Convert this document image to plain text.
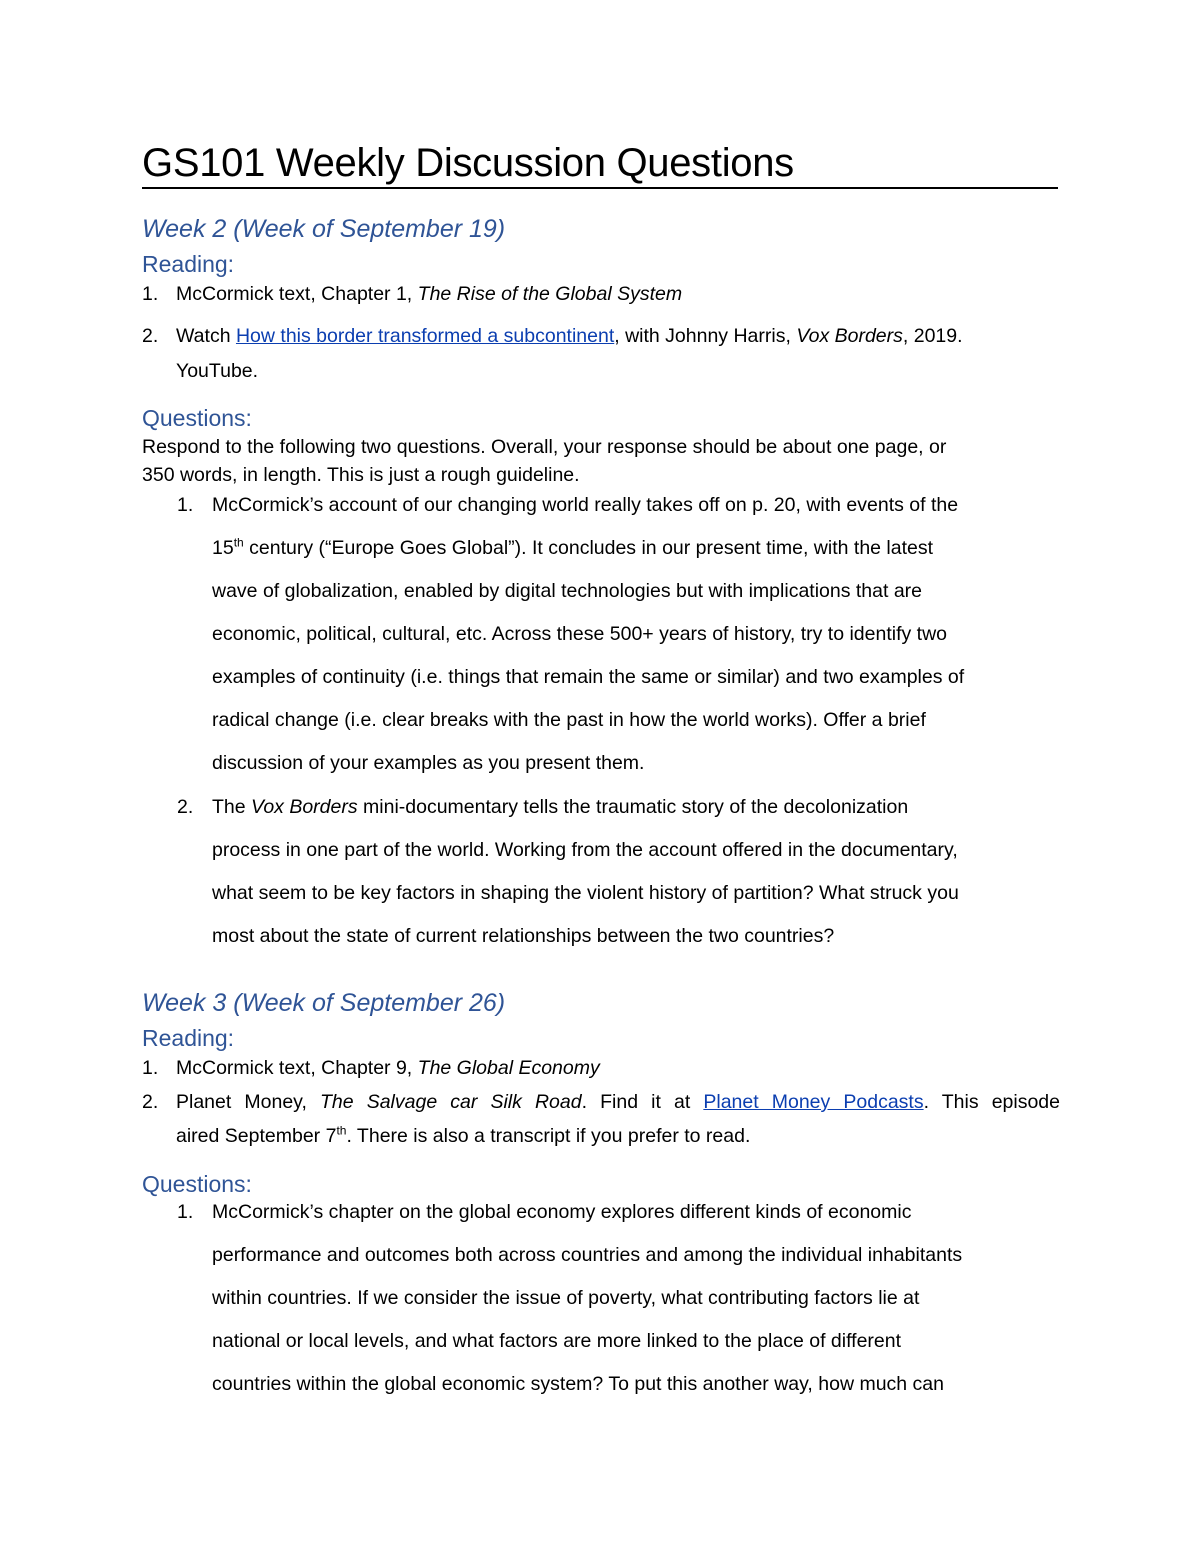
GS101 Weekly Discussion Questions
Week 2 (Week of September 19)
Reading:
1. McCormick text, Chapter 1, The Rise of the Global System
2. Watch How this border transformed a subcontinent, with Johnny Harris, Vox Borders, 2019.
YouTube.
Questions:
Respond to the following two questions. Overall, your response should be about one page, or
350 words, in length. This is just a rough guideline.
1. McCormick’s account of our changing world really takes off on p. 20, with events of the
15th century (“Europe Goes Global”). It concludes in our present time, with the latest
wave of globalization, enabled by digital technologies but with implications that are
economic, political, cultural, etc. Across these 500+ years of history, try to identify two
examples of continuity (i.e. things that remain the same or similar) and two examples of
radical change (i.e. clear breaks with the past in how the world works). Offer a brief
discussion of your examples as you present them.
2. The Vox Borders mini-documentary tells the traumatic story of the decolonization
process in one part of the world. Working from the account offered in the documentary,
what seem to be key factors in shaping the violent history of partition? What struck you
most about the state of current relationships between the two countries?
Week 3 (Week of September 26)
Reading:
1. McCormick text, Chapter 9, The Global Economy
2. Planet Money, The Salvage car Silk Road. Find it at Planet Money Podcasts. This episode
aired September 7th. There is also a transcript if you prefer to read.
Questions:
1. McCormick’s chapter on the global economy explores different kinds of economic
performance and outcomes both across countries and among the individual inhabitants
within countries. If we consider the issue of poverty, what contributing factors lie at
national or local levels, and what factors are more linked to the place of different
countries within the global economic system? To put this another way, how much can
